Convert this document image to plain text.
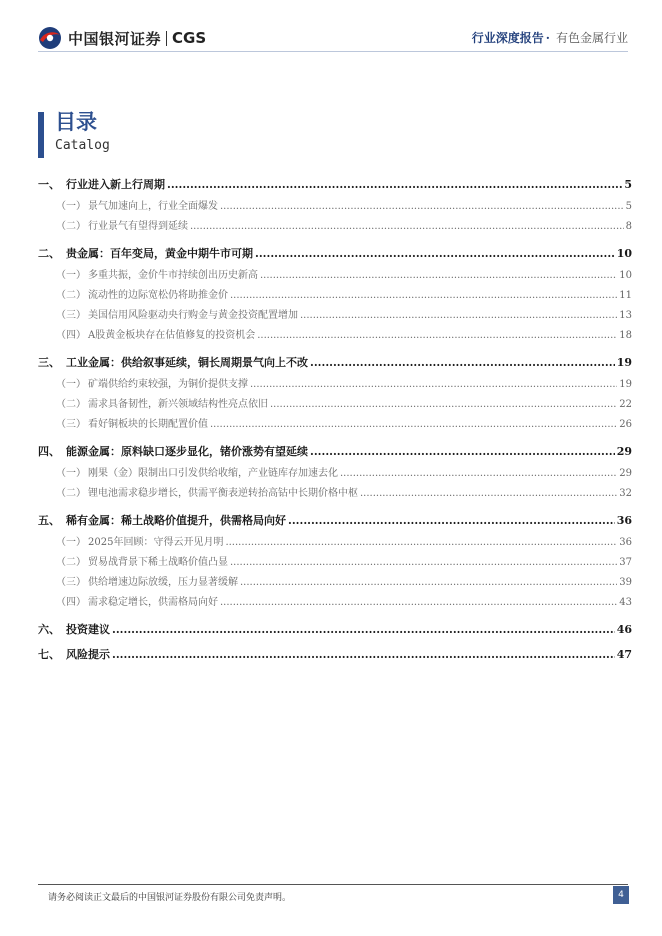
中国银河证券 CGS	行业深度报告 · 有色金属行业
目录
Catalog
一、 行业进入新上行周期 .....	5
（一） 景气加速向上，行业全面爆发 .....	5
（二） 行业景气有望得到延续 .....	8
二、 贵金属：百年变局，黄金中期牛市可期 .....	10
（一） 多重共振，金价牛市持续创出历史新高 .....	10
（二） 流动性的边际宽松仍将助推金价 .....	11
（三） 美国信用风险驱动央行购金与黄金投资配置增加 .....	13
（四） A股黄金板块存在估值修复的投资机会 .....	18
三、 工业金属：供给叙事延续，铜长周期景气向上不改 .....	19
（一） 矿端供给约束较强，为铜价提供支撑 .....	19
（二） 需求具备韧性，新兴领域结构性亮点依旧 .....	22
（三） 看好铜板块的长期配置价值 .....	26
四、 能源金属：原料缺口逐步显化，锗价涨势有望延续 .....	29
（一） 刚果（金）限制出口引发供给收缩，产业链库存加速去化 .....	29
（二） 锂电池需求稳步增长，供需平衡表逆转抬高钴中长期价格中枢 .....	32
五、 稀有金属：稀土战略价值提升，供需格局向好 .....	36
（一） 2025年回顾：守得云开见月明 .....	36
（二） 贸易战背景下稀土战略价值凸显 .....	37
（三） 供给增速边际放缓，压力显著缓解 .....	39
（四） 需求稳定增长，供需格局向好 .....	43
六、 投资建议 .....	46
七、 风险提示 .....	47
请务必阅读正文最后的中国银河证券股份有限公司免责声明。	4
